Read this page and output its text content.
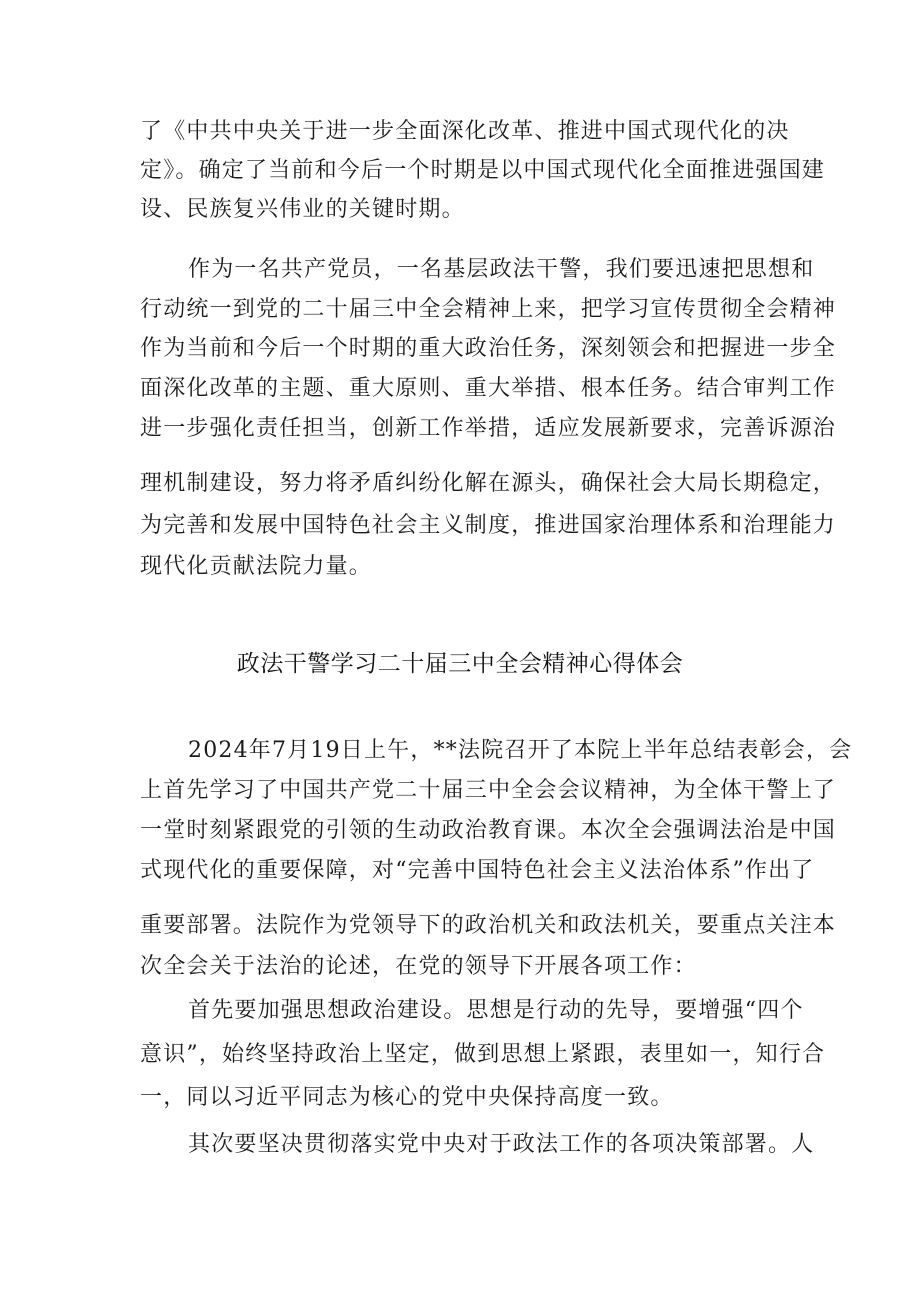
了《中共中央关于进一步全面深化改革、推进中国式现代化的决
定》。确定了当前和今后一个时期是以中国式现代化全面推进强国建
设、民族复兴伟业的关键时期。
作为一名共产党员，一名基层政法干警，我们要迅速把思想和
行动统一到党的二十届三中全会精神上来，把学习宣传贯彻全会精神
作为当前和今后一个时期的重大政治任务，深刻领会和把握进一步全
面深化改革的主题、重大原则、重大举措、根本任务。结合审判工作
进一步强化责任担当，创新工作举措，适应发展新要求，完善诉源治
理机制建设，努力将矛盾纠纷化解在源头，确保社会大局长期稳定，
为完善和发展中国特色社会主义制度，推进国家治理体系和治理能力
现代化贡献法院力量。
政法干警学习二十届三中全会精神心得体会
2024年7月19日上午，**法院召开了本院上半年总结表彰会，会
上首先学习了中国共产党二十届三中全会会议精神，为全体干警上了
一堂时刻紧跟党的引领的生动政治教育课。本次全会强调法治是中国
式现代化的重要保障，对“完善中国特色社会主义法治体系”作出了
重要部署。法院作为党领导下的政治机关和政法机关，要重点关注本
次全会关于法治的论述，在党的领导下开展各项工作：
首先要加强思想政治建设。思想是行动的先导，要增强“四个
意识”，始终坚持政治上坚定，做到思想上紧跟，表里如一，知行合
一，同以习近平同志为核心的党中央保持高度一致。
其次要坚决贯彻落实党中央对于政法工作的各项决策部署。人
